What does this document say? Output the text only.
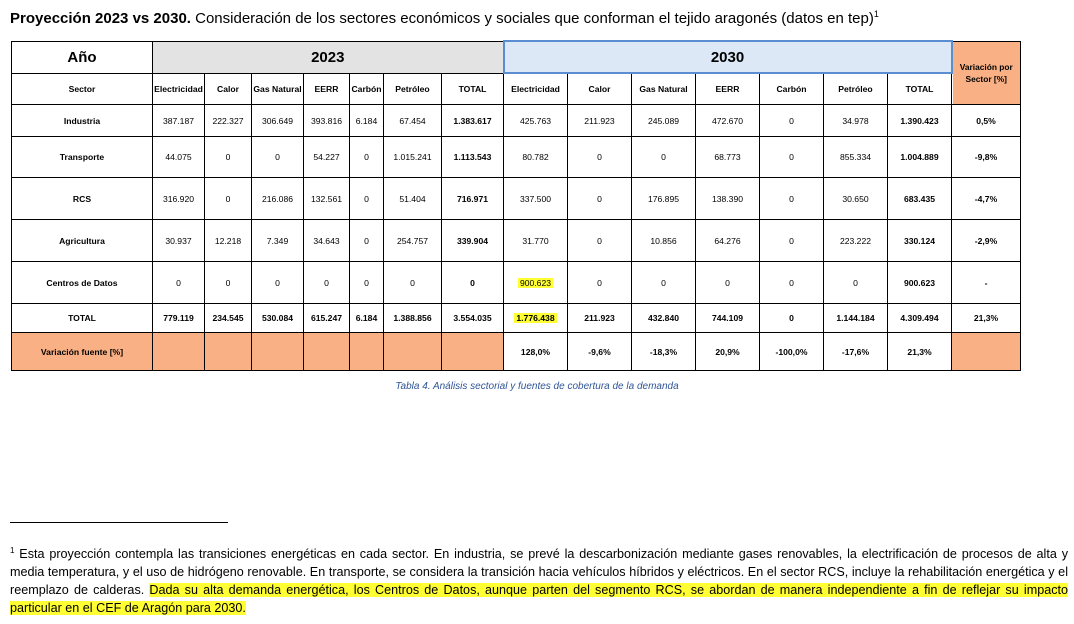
Proyección 2023 vs 2030. Consideración de los sectores económicos y sociales que conforman el tejido aragonés (datos en tep)$^1$
Año	2023							2030							Variación por Sector [%]
Sector	Electricidad	Calor	Gas Natural	EERR	Carbón	Petróleo	TOTAL	Electricidad	Calor	Gas Natural	EERR	Carbón	Petróleo	TOTAL	
Industria	387.187	222.327	306.649	393.816	6.184	67.454	1.383.617	425.763	211.923	245.089	472.670	0	34.978	1.390.423	0,5%
Transporte	44.075	0	0	54.227	0	1.015.241	1.113.543	80.782	0	0	68.773	0	855.334	1.004.889	-9,8%
RCS	316.920	0	216.086	132.561	0	51.404	716.971	337.500	0	176.895	138.390	0	30.650	683.435	-4,7%
Agricultura	30.937	12.218	7.349	34.643	0	254.757	339.904	31.770	0	10.856	64.276	0	223.222	330.124	-2,9%
Centros de Datos	0	0	0	0	0	0	0	900.623	0	0	0	0	0	900.623	-
TOTAL	779.119	234.545	530.084	615.247	6.184	1.388.856	3.554.035	1.776.438	211.923	432.840	744.109	0	1.144.184	4.309.494	21,3%
Variación fuente [%]								128,0%	-9,6%	-18,3%	20,9%	-100,0%	-17,6%	21,3%	
Tabla 4. Análisis sectorial y fuentes de cobertura de la demanda
$^1$ Esta proyección contempla las transiciones energéticas en cada sector. En industria, se prevé la descarbonización mediante gases renovables, la electrificación de procesos de alta y media temperatura, y el uso de hidrógeno renovable. En transporte, se considera la transición hacia vehículos híbridos y eléctricos. En el sector RCS, incluye la rehabilitación energética y el reemplazo de calderas. Dada su alta demanda energética, los Centros de Datos, aunque parten del segmento RCS, se abordan de manera independiente a fin de reflejar su impacto particular en el CEF de Aragón para 2030.
